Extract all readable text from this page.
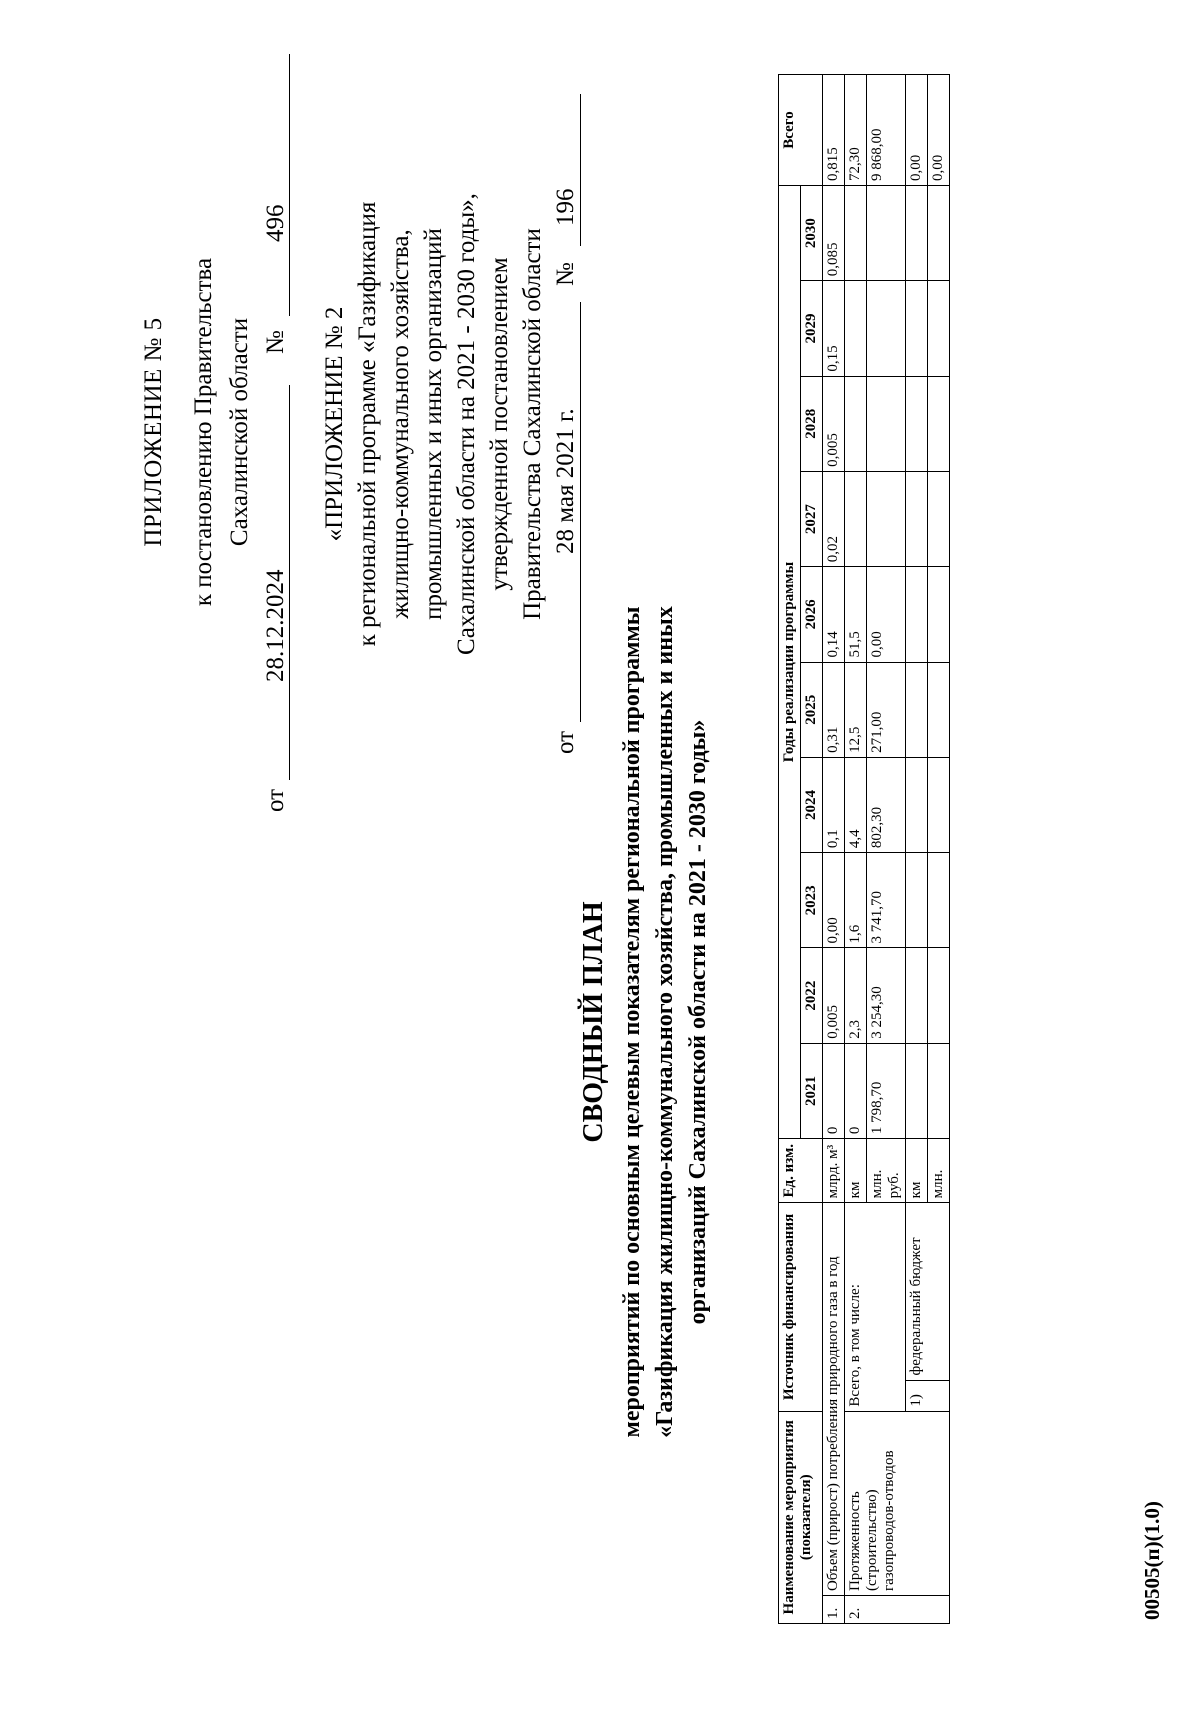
ПРИЛОЖЕНИЕ № 5 к постановлению Правительства Сахалинской области
от
28.12.2024
№
496
«ПРИЛОЖЕНИЕ № 2 к региональной программе «Газификация жилищно-коммунального хозяйства, промышленных и иных организаций Сахалинской области на 2021 - 2030 годы», утвержденной постановлением Правительства Сахалинской области
от
28 мая 2021 г.
№
196
СВОДНЫЙ ПЛАН мероприятий по основным целевым показателям региональной программы «Газификация жилищно-коммунального хозяйства, промышленных и иных организаций Сахалинской области на 2021 - 2030 годы»
Наименование мероприятия (показателя)		Источник финансирования		Ед. изм.	Годы реализации программы										Всего
					2021	2022	2023	2024	2025	2026	2027	2028	2029	2030	
1.	Объем (прирост) потребления природного газа в год			млрд. м³	0	0,005	0,00	0,1	0,31	0,14	0,02	0,005	0,15	0,085	0,815
2.	Протяженность (строительство) газопроводов-отводов	Всего, в том числе:		км	0	2,3	1,6	4,4	12,5	51,5					72,30
				млн. руб.	1 798,70	3 254,30	3 741,70	802,30	271,00	0,00					9 868,00
		1)	федеральный бюджет	км											0,00
				млн.											0,00
00505(п)(1.0)
